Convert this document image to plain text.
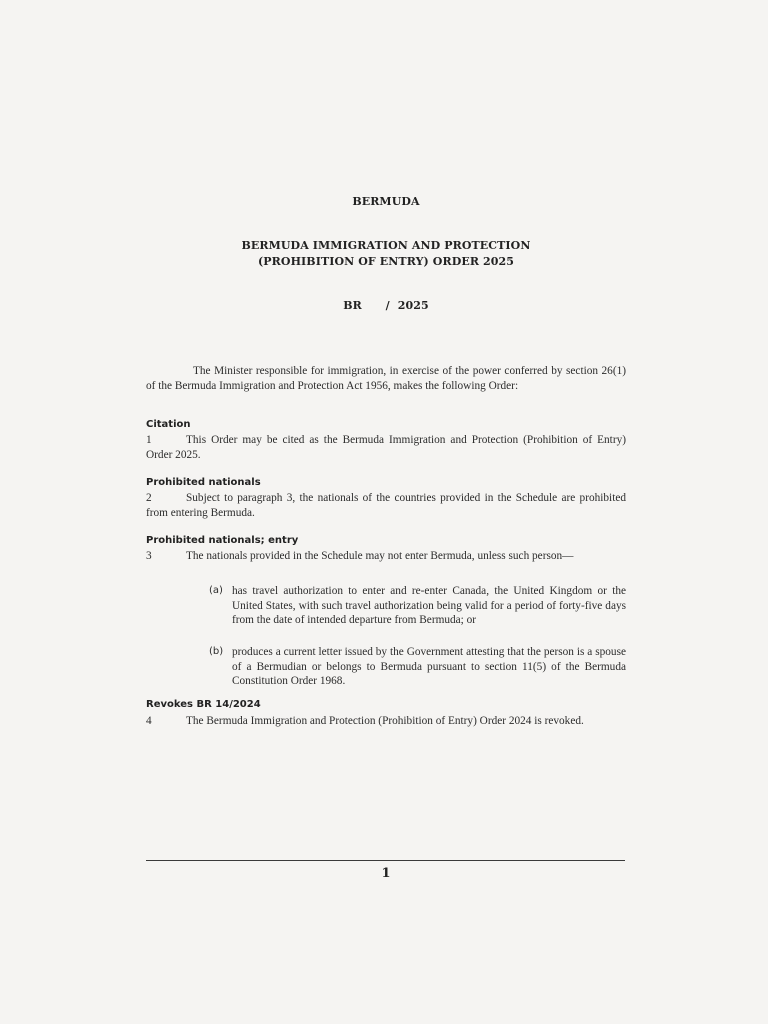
BERMUDA
BERMUDA IMMIGRATION AND PROTECTION
(PROHIBITION OF ENTRY) ORDER 2025
BR   / 2025
The Minister responsible for immigration, in exercise of the power conferred by section 26(1) of the Bermuda Immigration and Protection Act 1956, makes the following Order:
Citation
1	This Order may be cited as the Bermuda Immigration and Protection (Prohibition of Entry) Order 2025.
Prohibited nationals
2	Subject to paragraph 3, the nationals of the countries provided in the Schedule are prohibited from entering Bermuda.
Prohibited nationals; entry
3	The nationals provided in the Schedule may not enter Bermuda, unless such person—
(a) has travel authorization to enter and re-enter Canada, the United Kingdom or the United States, with such travel authorization being valid for a period of forty-five days from the date of intended departure from Bermuda; or
(b) produces a current letter issued by the Government attesting that the person is a spouse of a Bermudian or belongs to Bermuda pursuant to section 11(5) of the Bermuda Constitution Order 1968.
Revokes BR 14/2024
4	The Bermuda Immigration and Protection (Prohibition of Entry) Order 2024 is revoked.
1
